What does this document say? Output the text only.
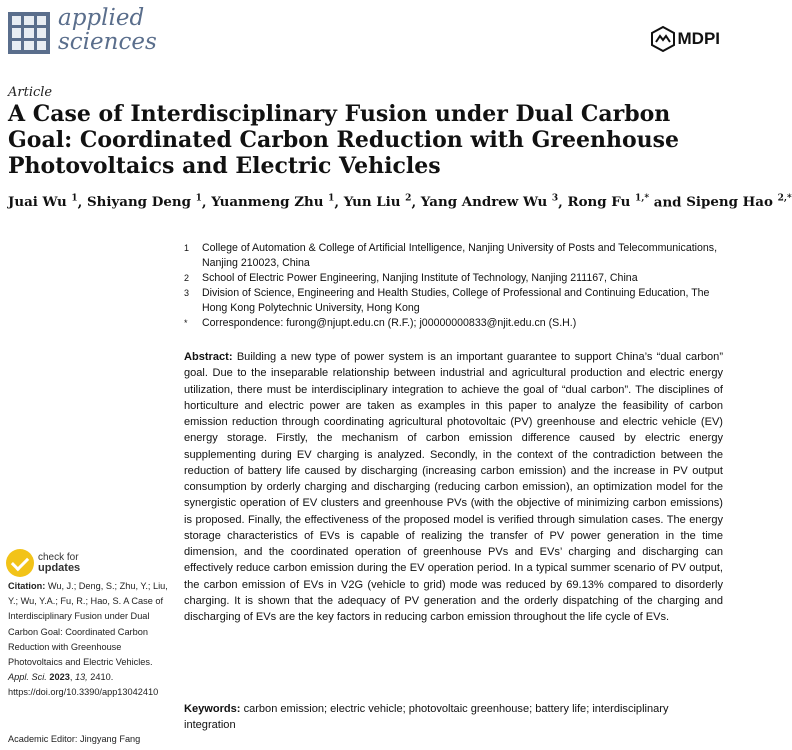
applied
sciences	MDPI
Article
A Case of Interdisciplinary Fusion under Dual Carbon Goal: Coordinated Carbon Reduction with Greenhouse Photovoltaics and Electric Vehicles
Juai Wu $^1$, Shiyang Deng $^1$, Yuanmeng Zhu $^1$, Yun Liu $^2$, Yang Andrew Wu $^3$, Rong Fu $^{1,*}$ and Sipeng Hao $^{2,*}$
1 College of Automation & College of Artificial Intelligence, Nanjing University of Posts and Telecommunications, Nanjing 210023, China
2 School of Electric Power Engineering, Nanjing Institute of Technology, Nanjing 211167, China
3 Division of Science, Engineering and Health Studies, College of Professional and Continuing Education, The Hong Kong Polytechnic University, Hong Kong
* Correspondence: furong@njupt.edu.cn (R.F.); j00000000833@njit.edu.cn (S.H.)
Abstract: Building a new type of power system is an important guarantee to support China’s “dual carbon” goal. Due to the inseparable relationship between industrial and agricultural production and electric energy utilization, there must be interdisciplinary integration to achieve the goal of “dual carbon”. The disciplines of horticulture and electric power are taken as examples in this paper to analyze the feasibility of carbon emission reduction through coordinating agricultural photovoltaic (PV) greenhouse and electric vehicle (EV) energy storage. Firstly, the mechanism of carbon emission difference caused by electric energy supplementing during EV charging is analyzed. Secondly, in the context of the contradiction between the reduction of battery life caused by discharging (increasing carbon emission) and the increase in PV output consumption by orderly charging and discharging (reducing carbon emission), an optimization model for the synergistic operation of EV clusters and greenhouse PVs (with the objective of minimizing carbon emissions) is proposed. Finally, the effectiveness of the proposed model is verified through simulation cases. The energy storage characteristics of EVs is capable of realizing the transfer of PV power generation in the time dimension, and the coordinated operation of greenhouse PVs and EVs’ charging and discharging can effectively reduce carbon emission during the EV operation period. In a typical summer scenario of PV output, the carbon emission of EVs in V2G (vehicle to grid) mode was reduced by 69.13% compared to disorderly charging. It is shown that the adequacy of PV generation and the orderly dispatching of the charging and discharging of EVs are the key factors in reducing carbon emission throughout the life cycle of EVs.
Keywords: carbon emission; electric vehicle; photovoltaic greenhouse; battery life; interdisciplinary integration
check for
updates
Citation: Wu, J.; Deng, S.; Zhu, Y.; Liu, Y.; Wu, Y.A.; Fu, R.; Hao, S. A Case of Interdisciplinary Fusion under Dual Carbon Goal: Coordinated Carbon Reduction with Greenhouse Photovoltaics and Electric Vehicles. Appl. Sci. 2023, 13, 2410. https://doi.org/10.3390/app13042410
Academic Editor: Jingyang Fang
